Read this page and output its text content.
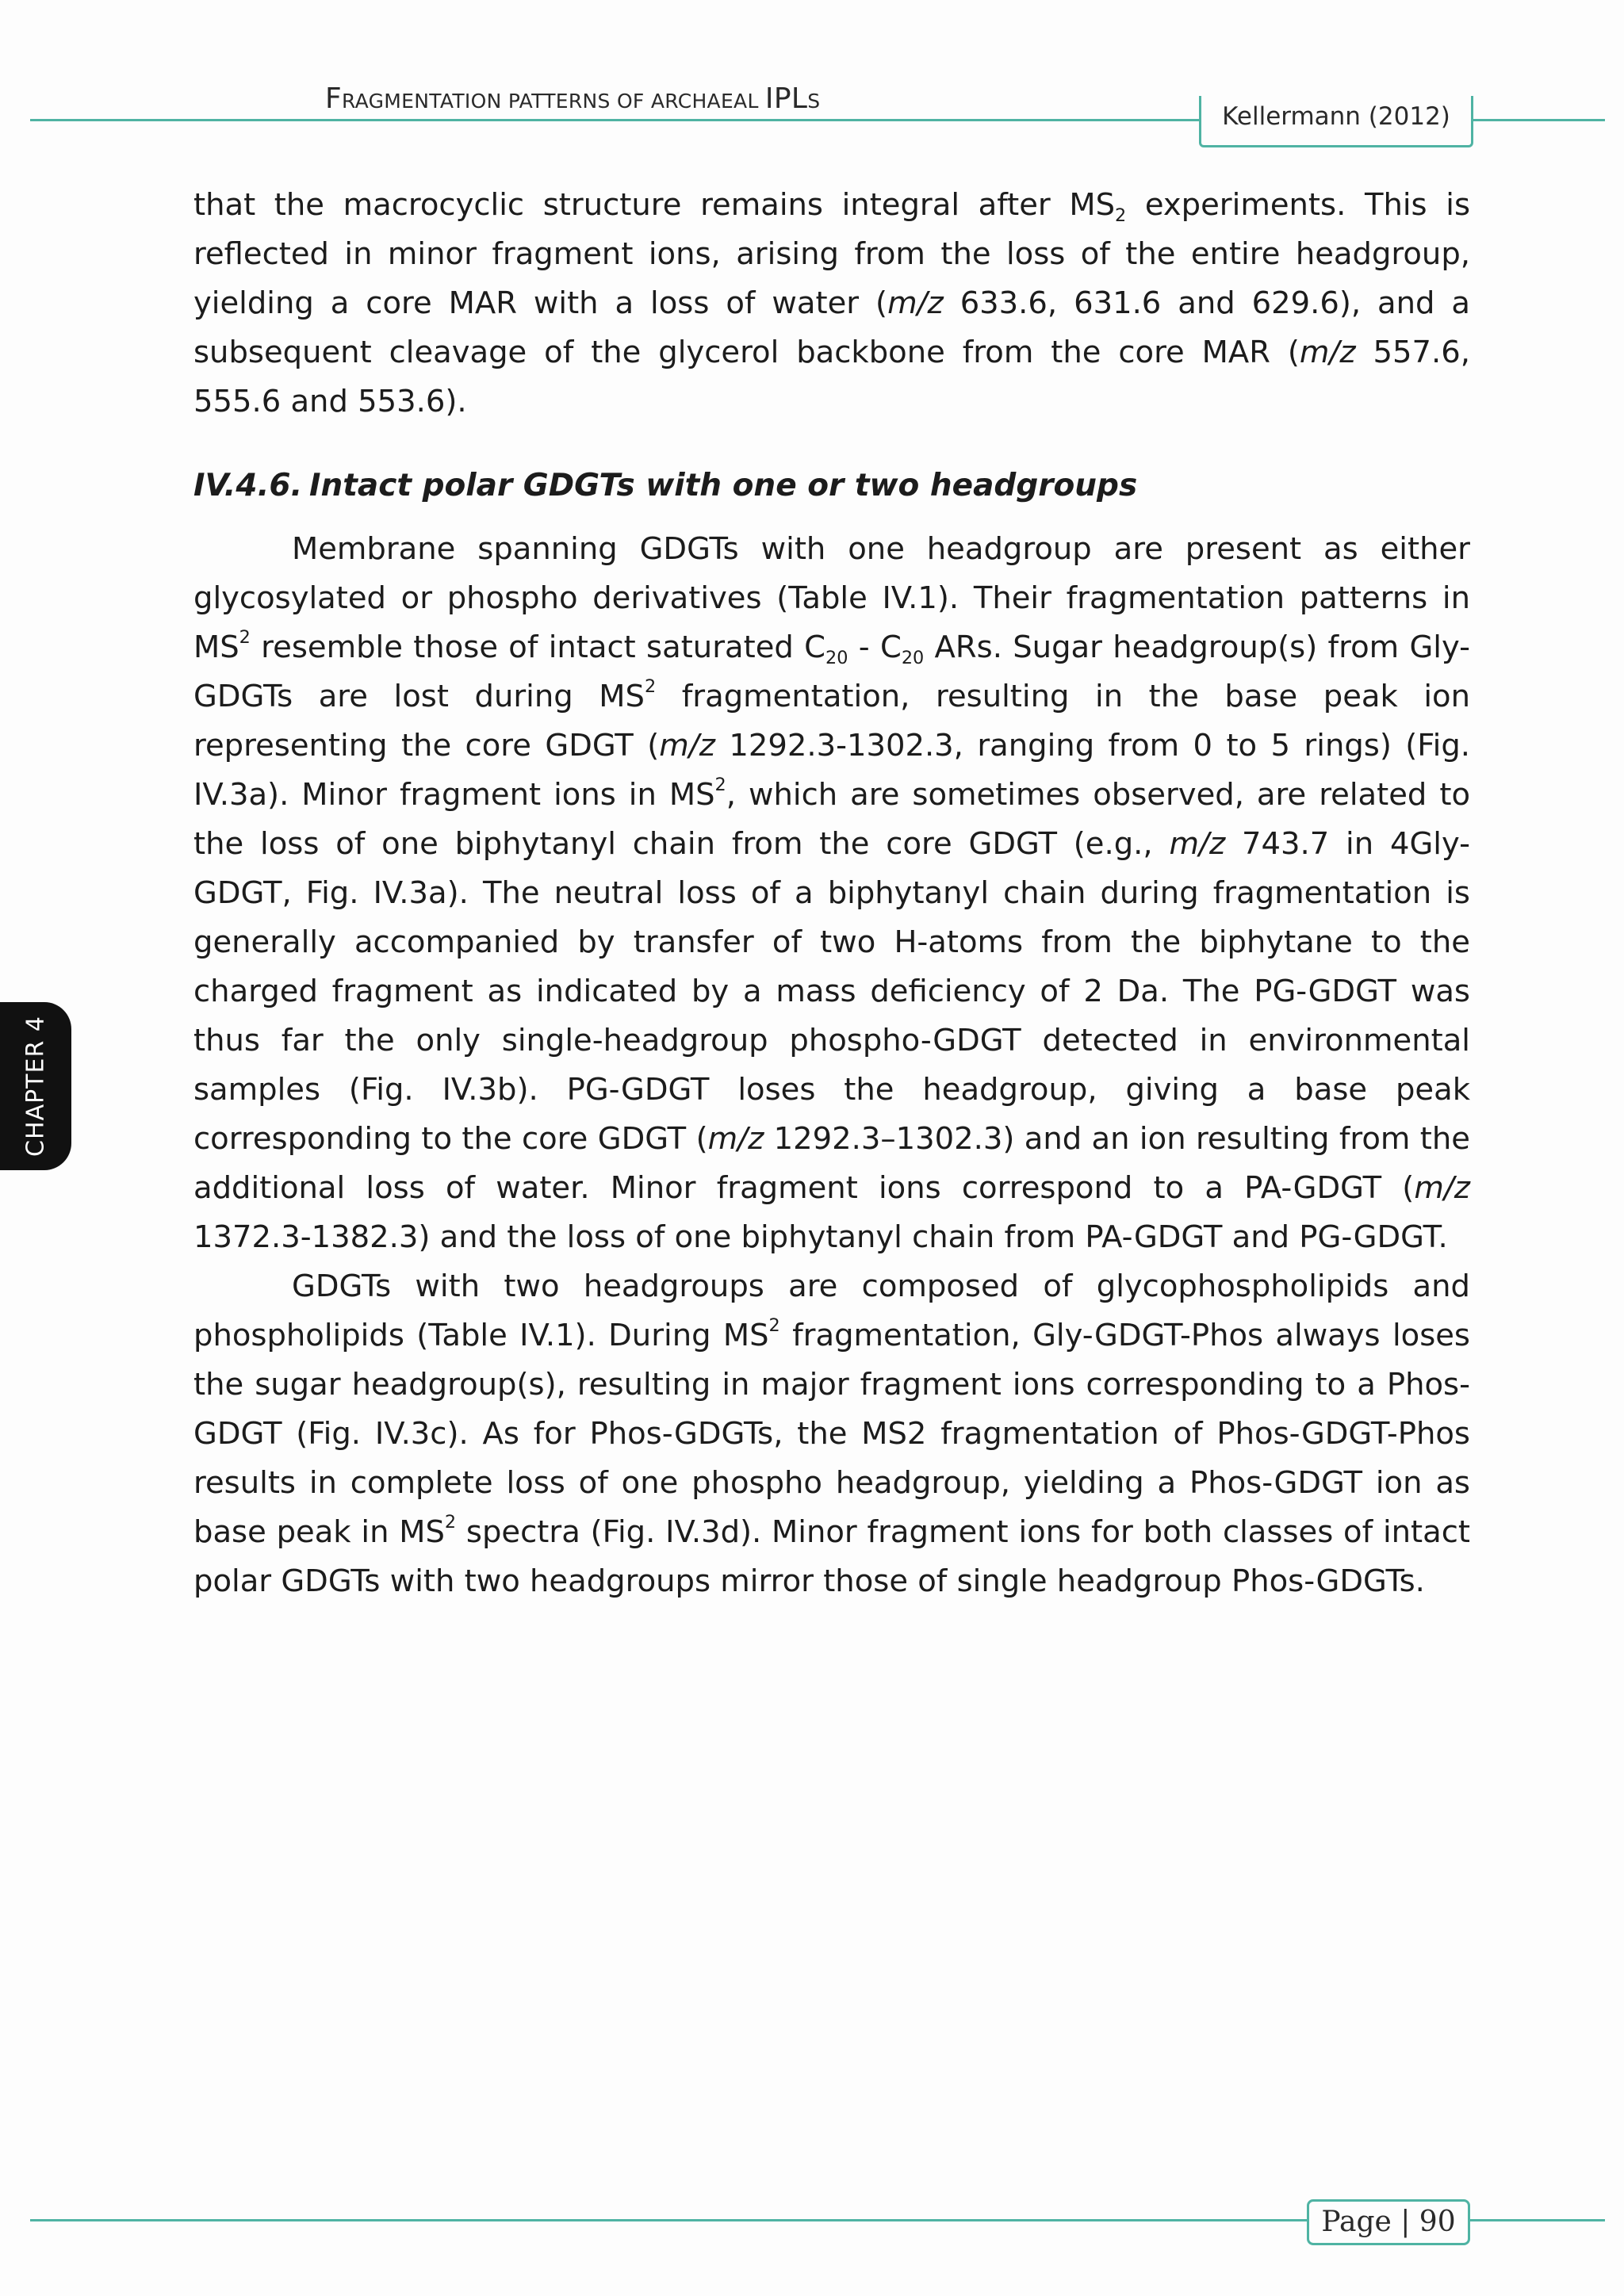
FRAGMENTATION PATTERNS OF ARCHAEAL IPLS
Kellermann (2012)
CHAPTER 4

that the macrocyclic structure remains integral after $MS_2$ experiments. This is reflected in minor fragment ions, arising from the loss of the entire headgroup, yielding a core MAR with a loss of water (m/z 633.6, 631.6 and 629.6), and a subsequent cleavage of the glycerol backbone from the core MAR (m/z 557.6, 555.6 and 553.6).

IV.4.6. Intact polar GDGTs with one or two headgroups

Membrane spanning GDGTs with one headgroup are present as either glycosylated or phospho derivatives (Table IV.1). Their fragmentation patterns in $MS^2$ resemble those of intact saturated $C_{20} - C_{20}$ ARs. Sugar headgroup(s) from Gly-GDGTs are lost during $MS^2$ fragmentation, resulting in the base peak ion representing the core GDGT (m/z 1292.3-1302.3, ranging from 0 to 5 rings) (Fig. IV.3a). Minor fragment ions in $MS^2$, which are sometimes observed, are related to the loss of one biphytanyl chain from the core GDGT (e.g., m/z 743.7 in 4Gly-GDGT, Fig. IV.3a). The neutral loss of a biphytanyl chain during fragmentation is generally accompanied by transfer of two H-atoms from the biphytane to the charged fragment as indicated by a mass deficiency of 2 Da. The PG-GDGT was thus far the only single-headgroup phospho-GDGT detected in environmental samples (Fig. IV.3b). PG-GDGT loses the headgroup, giving a base peak corresponding to the core GDGT (m/z 1292.3–1302.3) and an ion resulting from the additional loss of water. Minor fragment ions correspond to a PA-GDGT (m/z 1372.3-1382.3) and the loss of one biphytanyl chain from PA-GDGT and PG-GDGT.

GDGTs with two headgroups are composed of glycophospholipids and phospholipids (Table IV.1). During $MS^2$ fragmentation, Gly-GDGT-Phos always loses the sugar headgroup(s), resulting in major fragment ions corresponding to a Phos-GDGT (Fig. IV.3c). As for Phos-GDGTs, the MS2 fragmentation of Phos-GDGT-Phos results in complete loss of one phospho headgroup, yielding a Phos-GDGT ion as base peak in $MS^2$ spectra (Fig. IV.3d). Minor fragment ions for both classes of intact polar GDGTs with two headgroups mirror those of single headgroup Phos-GDGTs.

Page | 90
